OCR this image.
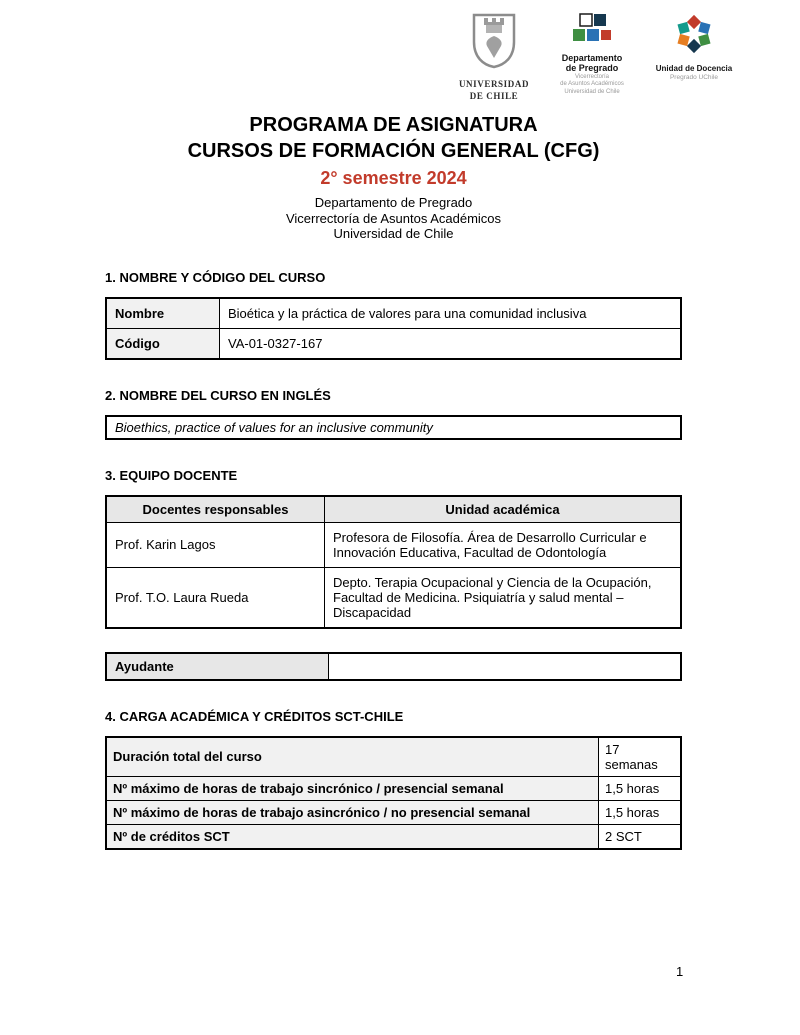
UNIVERSIDAD
DE CHILE
Departamento
de Pregrado
Vicerrectoría
de Asuntos Académicos
Universidad de Chile
Unidad de Docencia
Pregrado UChile
PROGRAMA DE ASIGNATURA
CURSOS DE FORMACIÓN GENERAL (CFG)
2° semestre 2024
Departamento de Pregrado
Vicerrectoría de Asuntos Académicos
Universidad de Chile
1. NOMBRE Y CÓDIGO DEL CURSO
Nombre	Bioética y la práctica de valores para una comunidad inclusiva
Código	VA-01-0327-167
2. NOMBRE DEL CURSO EN INGLÉS
Bioethics, practice of values for an inclusive community
3. EQUIPO DOCENTE
Docentes responsables	Unidad académica
Prof. Karin Lagos	Profesora de Filosofía. Área de Desarrollo Curricular e Innovación Educativa, Facultad de Odontología
Prof. T.O. Laura Rueda	Depto. Terapia Ocupacional y Ciencia de la Ocupación, Facultad de Medicina. Psiquiatría y salud mental – Discapacidad
Ayudante	
4. CARGA ACADÉMICA Y CRÉDITOS SCT-CHILE
Duración total del curso	17 semanas
Nº máximo de horas de trabajo sincrónico / presencial semanal	1,5 horas
Nº máximo de horas de trabajo asincrónico / no presencial semanal	1,5 horas
Nº de créditos SCT	2 SCT
1
